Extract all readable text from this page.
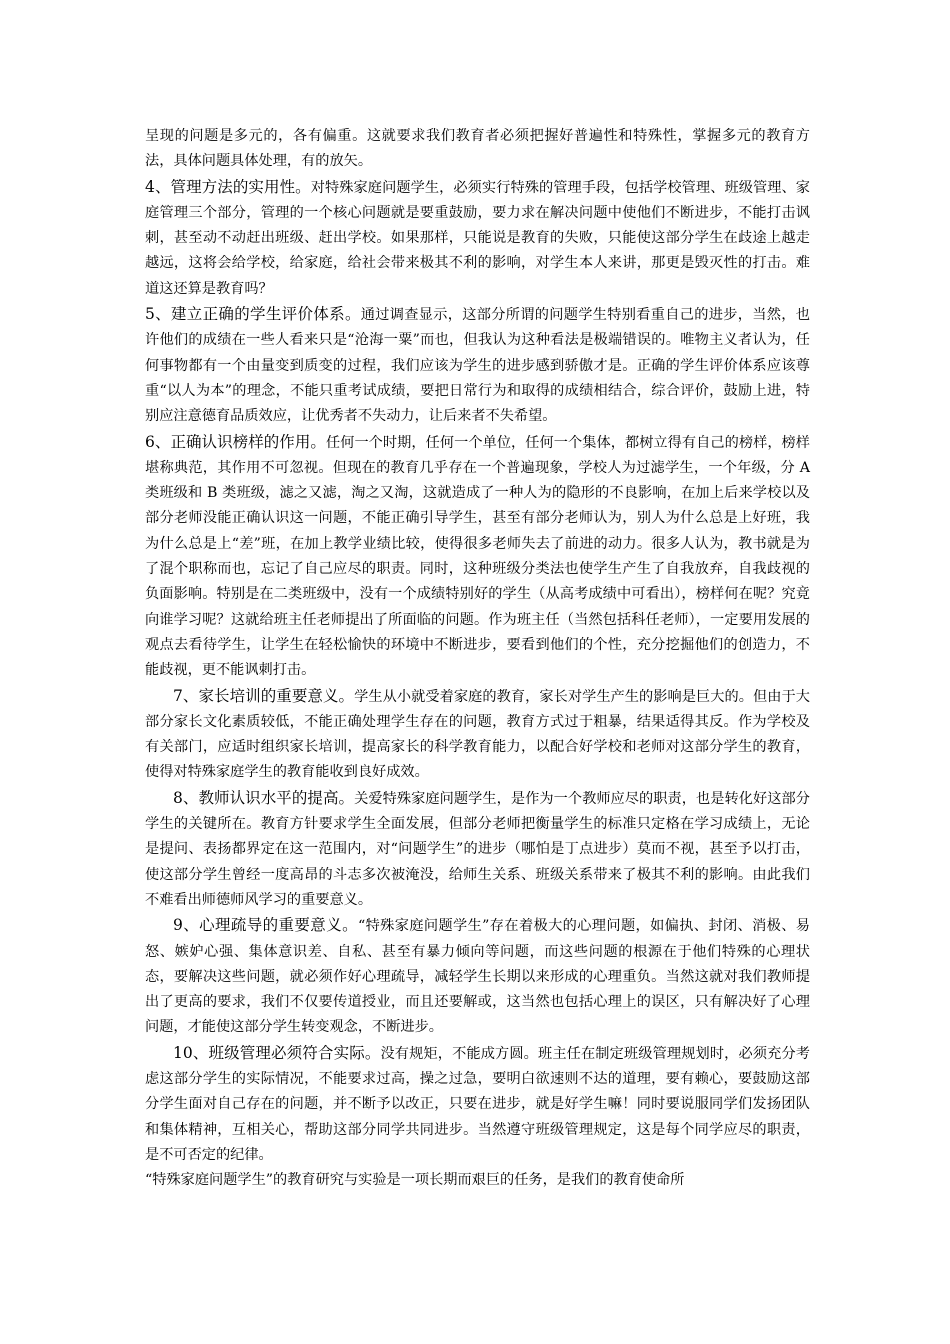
呈现的问题是多元的，各有偏重。这就要求我们教育者必须把握好普遍性和特殊性，掌握多元的教育方法，具体问题具体处理，有的放矢。

4、管理方法的实用性。对特殊家庭问题学生，必须实行特殊的管理手段，包括学校管理、班级管理、家庭管理三个部分，管理的一个核心问题就是要重鼓励，要力求在解决问题中使他们不断进步，不能打击讽刺，甚至动不动赶出班级、赶出学校。如果那样，只能说是教育的失败，只能使这部分学生在歧途上越走越远，这将会给学校，给家庭，给社会带来极其不利的影响，对学生本人来讲，那更是毁灭性的打击。难道这还算是教育吗？

5、建立正确的学生评价体系。通过调查显示，这部分所谓的问题学生特别看重自己的进步，当然，也许他们的成绩在一些人看来只是“沧海一粟”而也，但我认为这种看法是极端错误的。唯物主义者认为，任何事物都有一个由量变到质变的过程，我们应该为学生的进步感到骄傲才是。正确的学生评价体系应该尊重“以人为本”的理念，不能只重考试成绩，要把日常行为和取得的成绩相结合，综合评价，鼓励上进，特别应注意德育品质效应，让优秀者不失动力，让后来者不失希望。

6、正确认识榜样的作用。任何一个时期，任何一个单位，任何一个集体，都树立得有自己的榜样，榜样堪称典范，其作用不可忽视。但现在的教育几乎存在一个普遍现象，学校人为过滤学生，一个年级，分 A 类班级和 B 类班级，滤之又滤，淘之又淘，这就造成了一种人为的隐形的不良影响，在加上后来学校以及部分老师没能正确认识这一问题，不能正确引导学生，甚至有部分老师认为，别人为什么总是上好班，我为什么总是上“差”班，在加上教学业绩比较，使得很多老师失去了前进的动力。很多人认为，教书就是为了混个职称而也，忘记了自己应尽的职责。同时，这种班级分类法也使学生产生了自我放弃，自我歧视的负面影响。特别是在二类班级中，没有一个成绩特别好的学生（从高考成绩中可看出），榜样何在呢？究竟向谁学习呢？这就给班主任老师提出了所面临的问题。作为班主任（当然包括科任老师），一定要用发展的观点去看待学生，让学生在轻松愉快的环境中不断进步，要看到他们的个性，充分挖掘他们的创造力，不能歧视，更不能讽刺打击。

7、家长培训的重要意义。学生从小就受着家庭的教育，家长对学生产生的影响是巨大的。但由于大部分家长文化素质较低，不能正确处理学生存在的问题，教育方式过于粗暴，结果适得其反。作为学校及有关部门，应适时组织家长培训，提高家长的科学教育能力，以配合好学校和老师对这部分学生的教育，使得对特殊家庭学生的教育能收到良好成效。

8、教师认识水平的提高。关爱特殊家庭问题学生，是作为一个教师应尽的职责，也是转化好这部分学生的关键所在。教育方针要求学生全面发展，但部分老师把衡量学生的标准只定格在学习成绩上，无论是提问、表扬都界定在这一范围内，对“问题学生”的进步（哪怕是丁点进步）莫而不视，甚至予以打击，使这部分学生曾经一度高昂的斗志多次被淹没，给师生关系、班级关系带来了极其不利的影响。由此我们不难看出师德师风学习的重要意义。

9、心理疏导的重要意义。“特殊家庭问题学生”存在着极大的心理问题，如偏执、封闭、消极、易怒、嫉妒心强、集体意识差、自私、甚至有暴力倾向等问题，而这些问题的根源在于他们特殊的心理状态，要解决这些问题，就必须作好心理疏导，减轻学生长期以来形成的心理重负。当然这就对我们教师提出了更高的要求，我们不仅要传道授业，而且还要解或，这当然也包括心理上的误区，只有解决好了心理问题，才能使这部分学生转变观念，不断进步。

10、班级管理必须符合实际。没有规矩，不能成方圆。班主任在制定班级管理规划时，必须充分考虑这部分学生的实际情况，不能要求过高，操之过急，要明白欲速则不达的道理，要有赖心，要鼓励这部分学生面对自己存在的问题，并不断予以改正，只要在进步，就是好学生嘛！同时要说服同学们发扬团队和集体精神，互相关心，帮助这部分同学共同进步。当然遵守班级管理规定，这是每个同学应尽的职责，是不可否定的纪律。

“特殊家庭问题学生”的教育研究与实验是一项长期而艰巨的任务，是我们的教育使命所
